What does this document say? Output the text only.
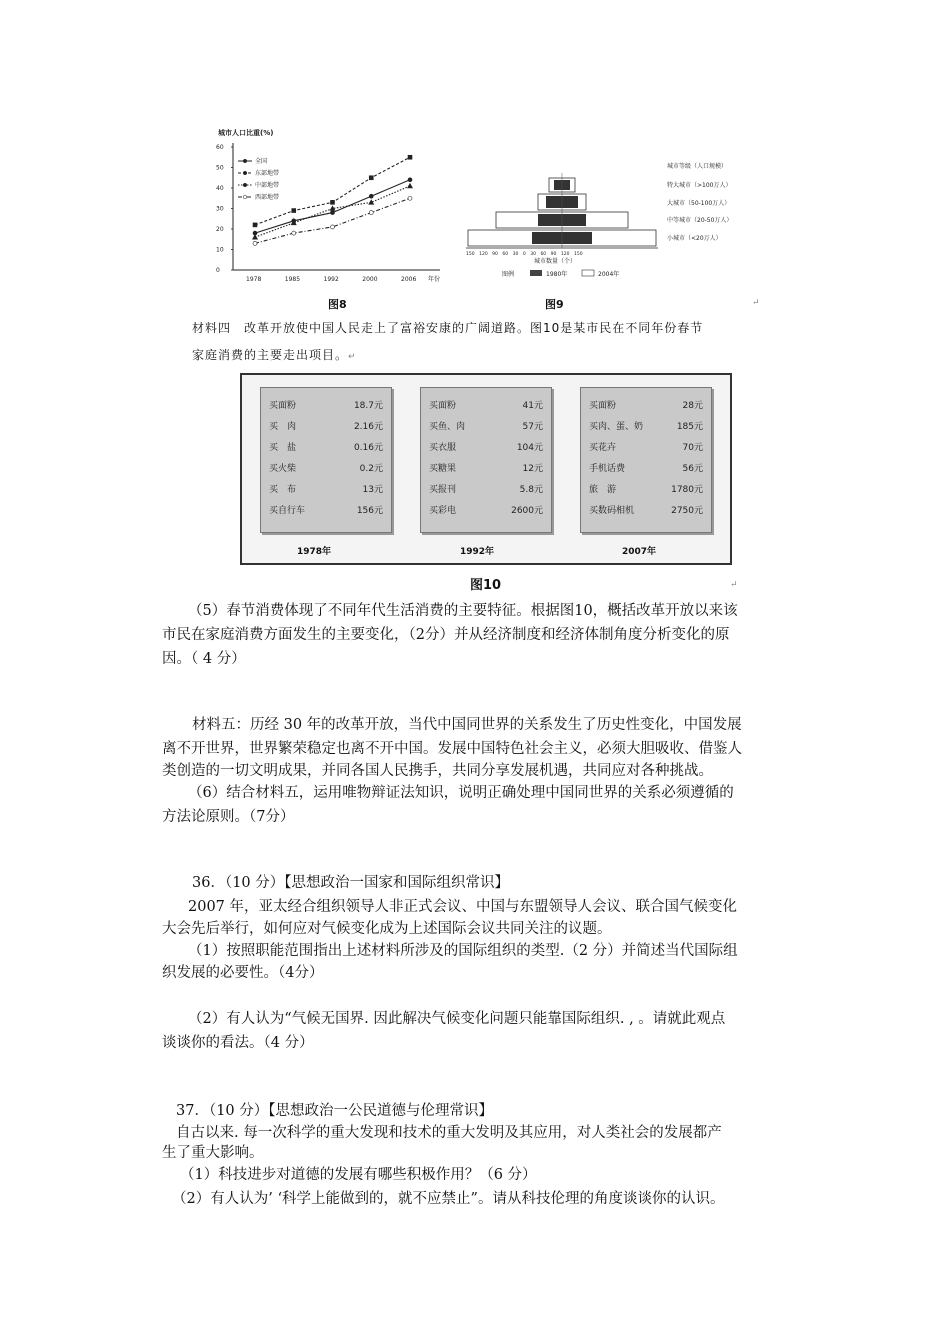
城市人口比重(%)
60
50
40
30
20
10
0
1978	1985	1992	2000	2006 年份
全国
东部地带
中部地带
西部地带
图8
150　120　90　60　30　0　30　60　90　120　150
城市数量（个）
图例	1980年	2004年
城市等级（人口规模）
特大城市（>100万人）
大城市（50-100万人）
中等城市（20-50万人）
小城市（<20万人）
图9	↵
材料四　改革开放使中国人民走上了富裕安康的广阔道路。图10是某市民在不同年份春节
家庭消费的主要走出项目。↵
买面粉	18.7元
买　肉	2.16元
买　盐	0.16元
买火柴	0.2元
买　布	13元
买自行车	156元
1978年
买面粉	41元
买鱼、肉	57元
买衣服	104元
买糖果	12元
买报刊	5.8元
买彩电	2600元
1992年
买面粉	28元
买肉、蛋、奶	185元
买花卉	70元
手机话费	56元
旅　游	1780元
买数码相机	2750元
2007年
图10	↵
（5）春节消费体现了不同年代生活消费的主要特征。根据图10，概括改革开放以来该
市民在家庭消费方面发生的主要变化，（2分）并从经济制度和经济体制角度分析变化的原
因。（ 4 分）
材料五：历经 30 年的改革开放，当代中国同世界的关系发生了历史性变化，中国发展
离不开世界，世界繁荣稳定也离不开中国。发展中国特色社会主义，必须大胆吸收、借鉴人
类创造的一切文明成果，并同各国人民携手，共同分享发展机遇，共同应对各种挑战。
（6）结合材料五，运用唯物辩证法知识，说明正确处理中国同世界的关系必须遵循的
方法论原则。（7分）
36．（10 分）【思想政治一国家和国际组织常识】
2007 年，亚太经合组织领导人非正式会议、中国与东盟领导人会议、联合国气候变化
大会先后举行，如何应对气候变化成为上述国际会议共同关注的议题。
（1）按照职能范围指出上述材料所涉及的国际组织的类型.（2 分）并简述当代国际组
织发展的必要性。（4分）
（2）有人认为“气候无国界. 因此解决气候变化问题只能靠国际组织. , 。请就此观点
谈谈你的看法。（4 分）
37．（10 分）【思想政治一公民道德与伦理常识】
自古以来. 每一次科学的重大发现和技术的重大发明及其应用，对人类社会的发展都产
生了重大影响。
（1）科技进步对道德的发展有哪些积极作用？（6 分）
（2）有人认为’ ‘科学上能做到的，就不应禁止”。请从科技伦理的角度谈谈你的认识。
